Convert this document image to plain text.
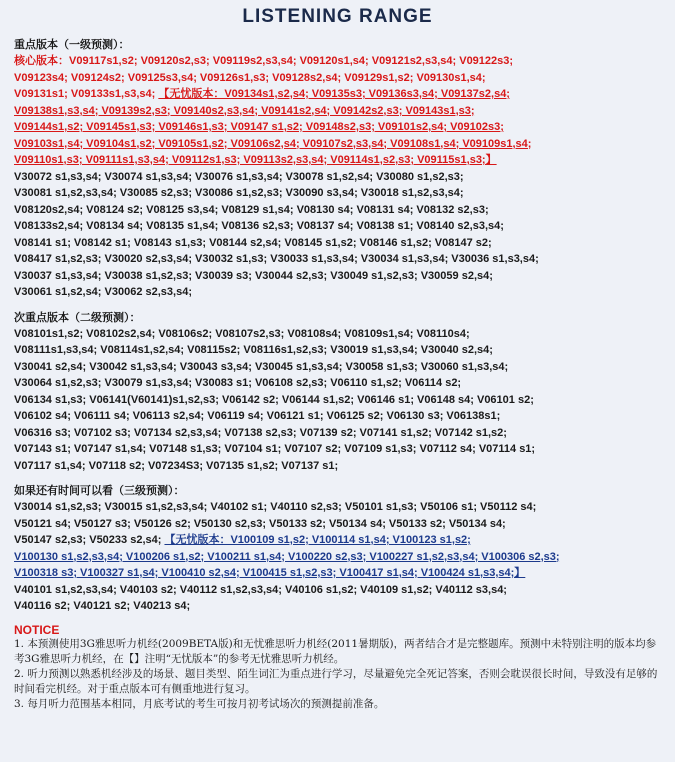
LISTENING RANGE
重点版本（一级预测）：
核心版本：V09117s1,s2; V09120s2,s3; V09119s2,s3,s4; V09120s1,s4; V09121s2,s3,s4; V09122s3;
V09123s4; V09124s2; V09125s3,s4; V09126s1,s3; V09128s2,s4; V09129s1,s2; V09130s1,s4;
V09131s1; V09133s1,s3,s4; 【无忧版本：V09134s1,s2,s4; V09135s3; V09136s3,s4; V09137s2,s4;
V09138s1,s3,s4; V09139s2,s3; V09140s2,s3,s4; V09141s2,s4; V09142s2,s3; V09143s1,s3;
V09144s1,s2; V09145s1,s3; V09146s1,s3; V09147 s1,s2; V09148s2,s3; V09101s2,s4; V09102s3;
V09103s1,s4; V09104s1,s2; V09105s1,s2; V09106s2,s4; V09107s2,s3,s4; V09108s1,s4; V09109s1,s4;
V09110s1,s3; V09111s1,s3,s4; V09112s1,s3; V09113s2,s3,s4; V09114s1,s2,s3; V09115s1,s3;】
V30072 s1,s3,s4; V30074 s1,s3,s4; V30076 s1,s3,s4; V30078 s1,s2,s4; V30080 s1,s2,s3;
V30081 s1,s2,s3,s4; V30085 s2,s3; V30086 s1,s2,s3; V30090 s3,s4; V30018 s1,s2,s3,s4;
V08120s2,s4; V08124 s2; V08125 s3,s4; V08129 s1,s4; V08130 s4; V08131 s4; V08132 s2,s3;
V08133s2,s4; V08134 s4; V08135 s1,s4; V08136 s2,s3; V08137 s4; V08138 s1; V08140 s2,s3,s4;
V08141 s1; V08142 s1; V08143 s1,s3; V08144 s2,s4; V08145 s1,s2; V08146 s1,s2; V08147 s2;
V08417 s1,s2,s3; V30020 s2,s3,s4; V30032 s1,s3; V30033 s1,s3,s4; V30034 s1,s3,s4; V30036 s1,s3,s4;
V30037 s1,s3,s4; V30038 s1,s2,s3; V30039 s3; V30044 s2,s3; V30049 s1,s2,s3; V30059 s2,s4;
V30061 s1,s2,s4; V30062 s2,s3,s4;
次重点版本（二级预测）：
V08101s1,s2; V08102s2,s4; V08106s2; V08107s2,s3; V08108s4; V08109s1,s4; V08110s4;
V08111s1,s3,s4; V08114s1,s2,s4; V08115s2; V08116s1,s2,s3; V30019 s1,s3,s4; V30040 s2,s4;
V30041 s2,s4; V30042 s1,s3,s4; V30043 s3,s4; V30045 s1,s3,s4; V30058 s1,s3; V30060 s1,s3,s4;
V30064 s1,s2,s3; V30079 s1,s3,s4; V30083 s1; V06108 s2,s3; V06110 s1,s2; V06114 s2;
V06134 s1,s3; V06141(V60141)s1,s2,s3; V06142 s2; V06144 s1,s2; V06146 s1; V06148 s4; V06101 s2;
V06102 s4; V06111 s4; V06113 s2,s4; V06119 s4; V06121 s1; V06125 s2; V06130 s3; V06138s1;
V06316 s3; V07102 s3; V07134 s2,s3,s4; V07138 s2,s3; V07139 s2; V07141 s1,s2; V07142 s1,s2;
V07143 s1; V07147 s1,s4; V07148 s1,s3; V07104 s1; V07107 s2; V07109 s1,s3; V07112 s4; V07114 s1;
V07117 s1,s4; V07118 s2; V07234S3; V07135 s1,s2; V07137 s1;
如果还有时间可以看（三级预测）：
V30014 s1,s2,s3; V30015 s1,s2,s3,s4; V40102 s1; V40110 s2,s3; V50101 s1,s3; V50106 s1; V50112 s4;
V50121 s4; V50127 s3; V50126 s2; V50130 s2,s3; V50133 s2; V50134 s4; V50133 s2; V50134 s4;
V50147 s2,s3; V50233 s2,s4; 【无忧版本：V100109 s1,s2; V100114 s1,s4; V100123 s1,s2;
V100130 s1,s2,s3,s4; V100206 s1,s2; V100211 s1,s4; V100220 s2,s3; V100227 s1,s2,s3,s4; V100306 s2,s3;
V100318 s3; V100327 s1,s4; V100410 s2,s4; V100415 s1,s2,s3; V100417 s1,s4; V100424 s1,s3,s4;】
V40101 s1,s2,s3,s4; V40103 s2; V40112 s1,s2,s3,s4; V40106 s1,s2; V40109 s1,s2; V40112 s3,s4;
V40116 s2; V40121 s2; V40213 s4;
NOTICE
1. 本预测使用3G雅思听力机经(2009BETA版)和无忧雅思听力机经(2011暑期版)，两者结合才是完整题库。预测中未特别注明的版本均参考3G雅思听力机经，在【】注明“无忧版本”的参考无忧雅思听力机经。
2. 听力预测以熟悉机经涉及的场景、题目类型、陌生词汇为重点进行学习，尽量避免完全死记答案，否则会耽误很长时间，导致没有足够的时间看完机经。对于重点版本可有侧重地进行复习。
3. 每月听力范围基本相同，月底考试的考生可按月初考试场次的预测提前准备。
